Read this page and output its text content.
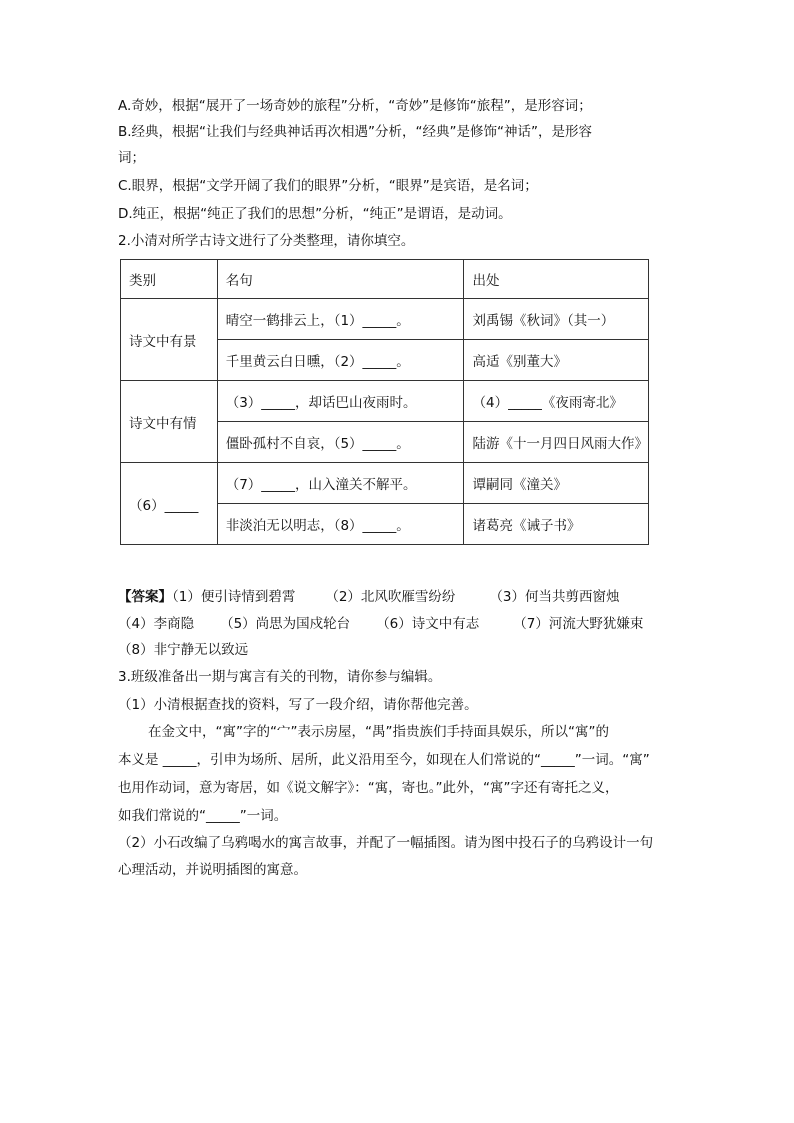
A.奇妙，根据“展开了一场奇妙的旅程”分析，“奇妙”是修饰“旅程”，是形容词；
B.经典，根据“让我们与经典神话再次相遇”分析，“经典”是修饰“神话”，是形容
词；
C.眼界，根据“文学开阔了我们的眼界”分析，“眼界”是宾语，是名词；
D.纯正，根据“纯正了我们的思想”分析，“纯正”是谓语，是动词。
2.小清对所学古诗文进行了分类整理，请你填空。
类别	名句	出处
诗文中有景	晴空一鹤排云上，（1）_____。	刘禹锡《秋词》（其一）
	千里黄云白日曛，（2）_____。	高适《别董大》
诗文中有情	（3）_____，却话巴山夜雨时。	（4）_____《夜雨寄北》
	僵卧孤村不自哀，（5）_____。	陆游《十一月四日风雨大作》
（6）_____	（7）_____，山入潼关不解平。	谭嗣同《潼关》
	非淡泊无以明志，（8）_____。	诸葛亮《诫子书》
【答案】（1）便引诗情到碧霄 （2）北风吹雁雪纷纷	（3）何当共剪西窗烛
（4）李商隐 （5）尚思为国戍轮台 （6）诗文中有志	（7）河流大野犹嫌束
（8）非宁静无以致远
3.班级准备出一期与寓言有关的刊物，请你参与编辑。
（1）小清根据查找的资料，写了一段介绍，请你帮他完善。
在金文中，“寓”字的“宀”表示房屋，“禺”指贵族们手持面具娱乐，所以“寓”的
本义是 _____，引申为场所、居所，此义沿用至今，如现在人们常说的“_____”一词。“寓”
也用作动词，意为寄居，如《说文解字》：“寓，寄也。”此外，“寓”字还有寄托之义，
如我们常说的“_____”一词。
（2）小石改编了乌鸦喝水的寓言故事，并配了一幅插图。请为图中投石子的乌鸦设计一句
心理活动，并说明插图的寓意。
